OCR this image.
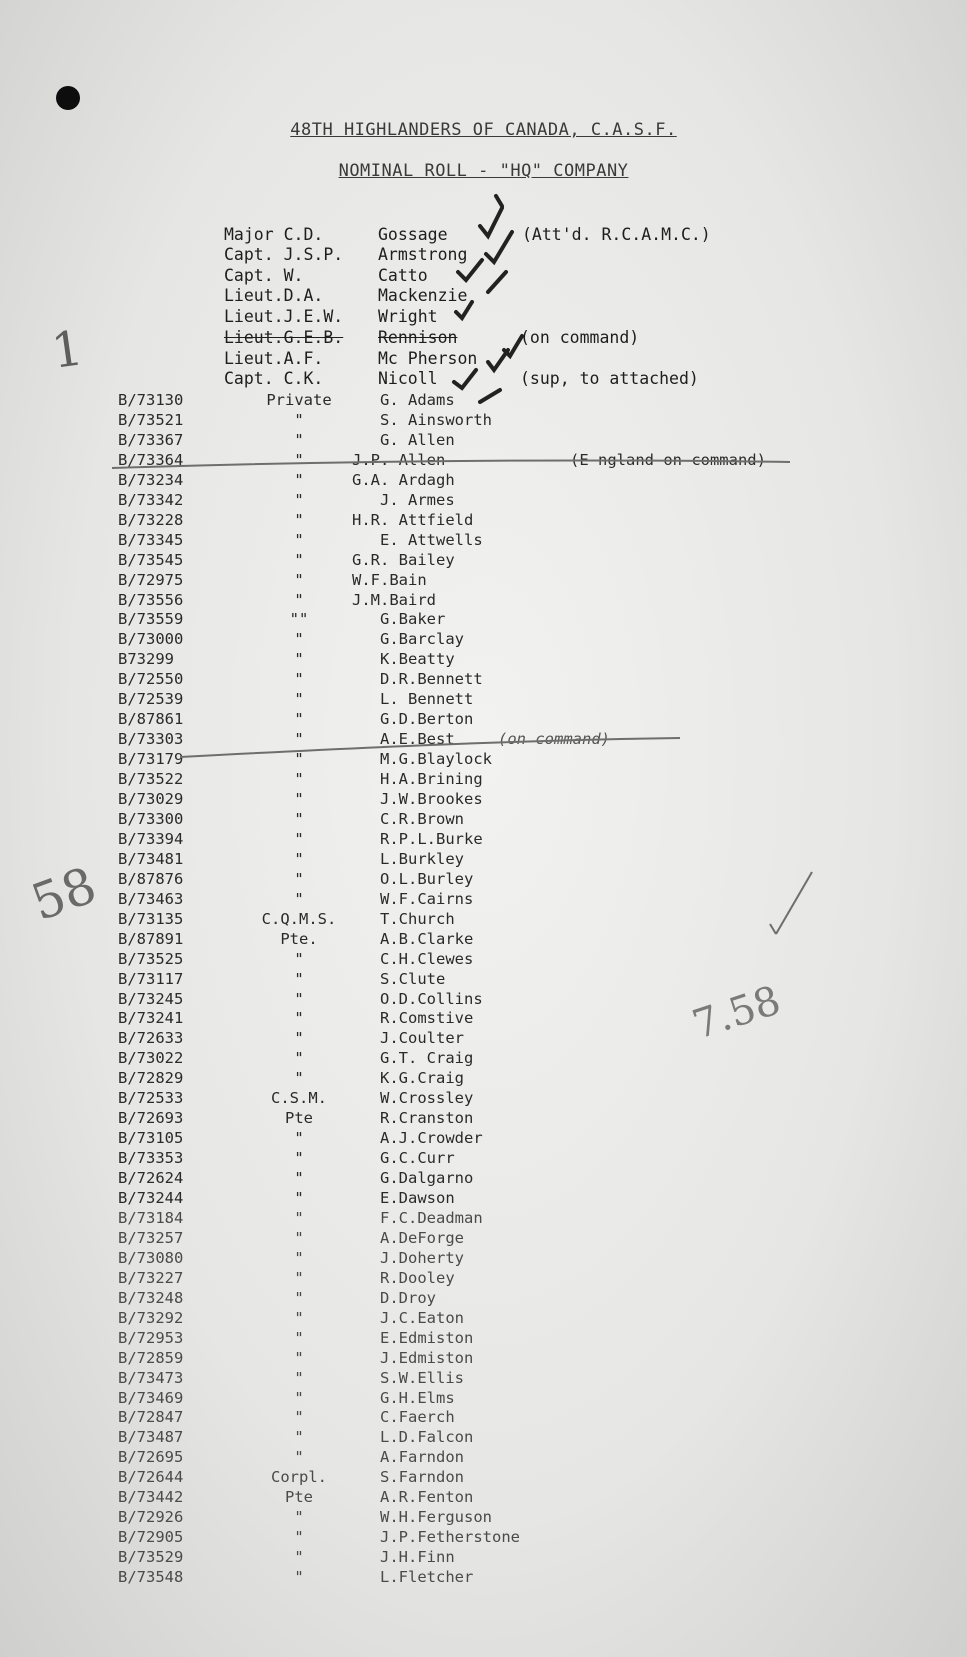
48TH HIGHLANDERS OF CANADA, C.A.S.F.
NOMINAL ROLL - "HQ" COMPANY
Major C.D.	Gossage	(Att'd. R.C.A.M.C.)
Capt. J.S.P. Armstrong
Capt. W.	Catto
Lieut.D.A.	Mackenzie
Lieut.J.E.W. Wright
Lieut.G.E.B. Rennison	(on command)
Lieut.A.F.	Mc Pherson
Capt. C.K.	Nicoll	(sup, to attached)
B/73130	Private	G. Adams
B/73521	"	S. Ainsworth
B/73367	"	G. Allen
B/73364	"	J.P. Allen	(E ngland on command)
B/73234	"	G.A. Ardagh
B/73342	"	J. Armes
B/73228	"	H.R. Attfield
B/73345	"	E. Attwells
B/73545	"	G.R. Bailey
B/72975	"	W.F.Bain
B/73556	"	J.M.Baird
B/73559	""	G.Baker
B/73000	"	G.Barclay
B73299	"	K.Beatty
B/72550	"	D.R.Bennett
B/72539	"	L. Bennett
B/87861	"	G.D.Berton
B/73303	"	A.E.Best	(on command)
B/73179	"	M.G.Blaylock
B/73522	"	H.A.Brining
B/73029	"	J.W.Brookes
B/73300	"	C.R.Brown
B/73394	"	R.P.L.Burke
B/73481	"	L.Burkley
B/87876	"	O.L.Burley
B/73463	"	W.F.Cairns
B/73135	C.Q.M.S.	T.Church
B/87891	Pte.	A.B.Clarke
B/73525	"	C.H.Clewes
B/73117	"	S.Clute
B/73245	"	O.D.Collins
B/73241	"	R.Comstive
B/72633	"	J.Coulter
B/73022	"	G.T. Craig
B/72829	"	K.G.Craig
B/72533	C.S.M.	W.Crossley
B/72693	Pte	R.Cranston
B/73105	"	A.J.Crowder
B/73353	"	G.C.Curr
B/72624	"	G.Dalgarno
B/73244	"	E.Dawson
B/73184	"	F.C.Deadman
B/73257	"	A.DeForge
B/73080	"	J.Doherty
B/73227	"	R.Dooley
B/73248	"	D.Droy
B/73292	"	J.C.Eaton
B/72953	"	E.Edmiston
B/72859	"	J.Edmiston
B/73473	"	S.W.Ellis
B/73469	"	G.H.Elms
B/72847	"	C.Faerch
B/73487	"	L.D.Falcon
B/72695	"	A.Farndon
B/72644	Corpl.	S.Farndon
B/73442	Pte	A.R.Fenton
B/72926	"	W.H.Ferguson
B/72905	"	J.P.Fetherstone
B/73529	"	J.H.Finn
B/73548	"	L.Fletcher
1
58
7.58
